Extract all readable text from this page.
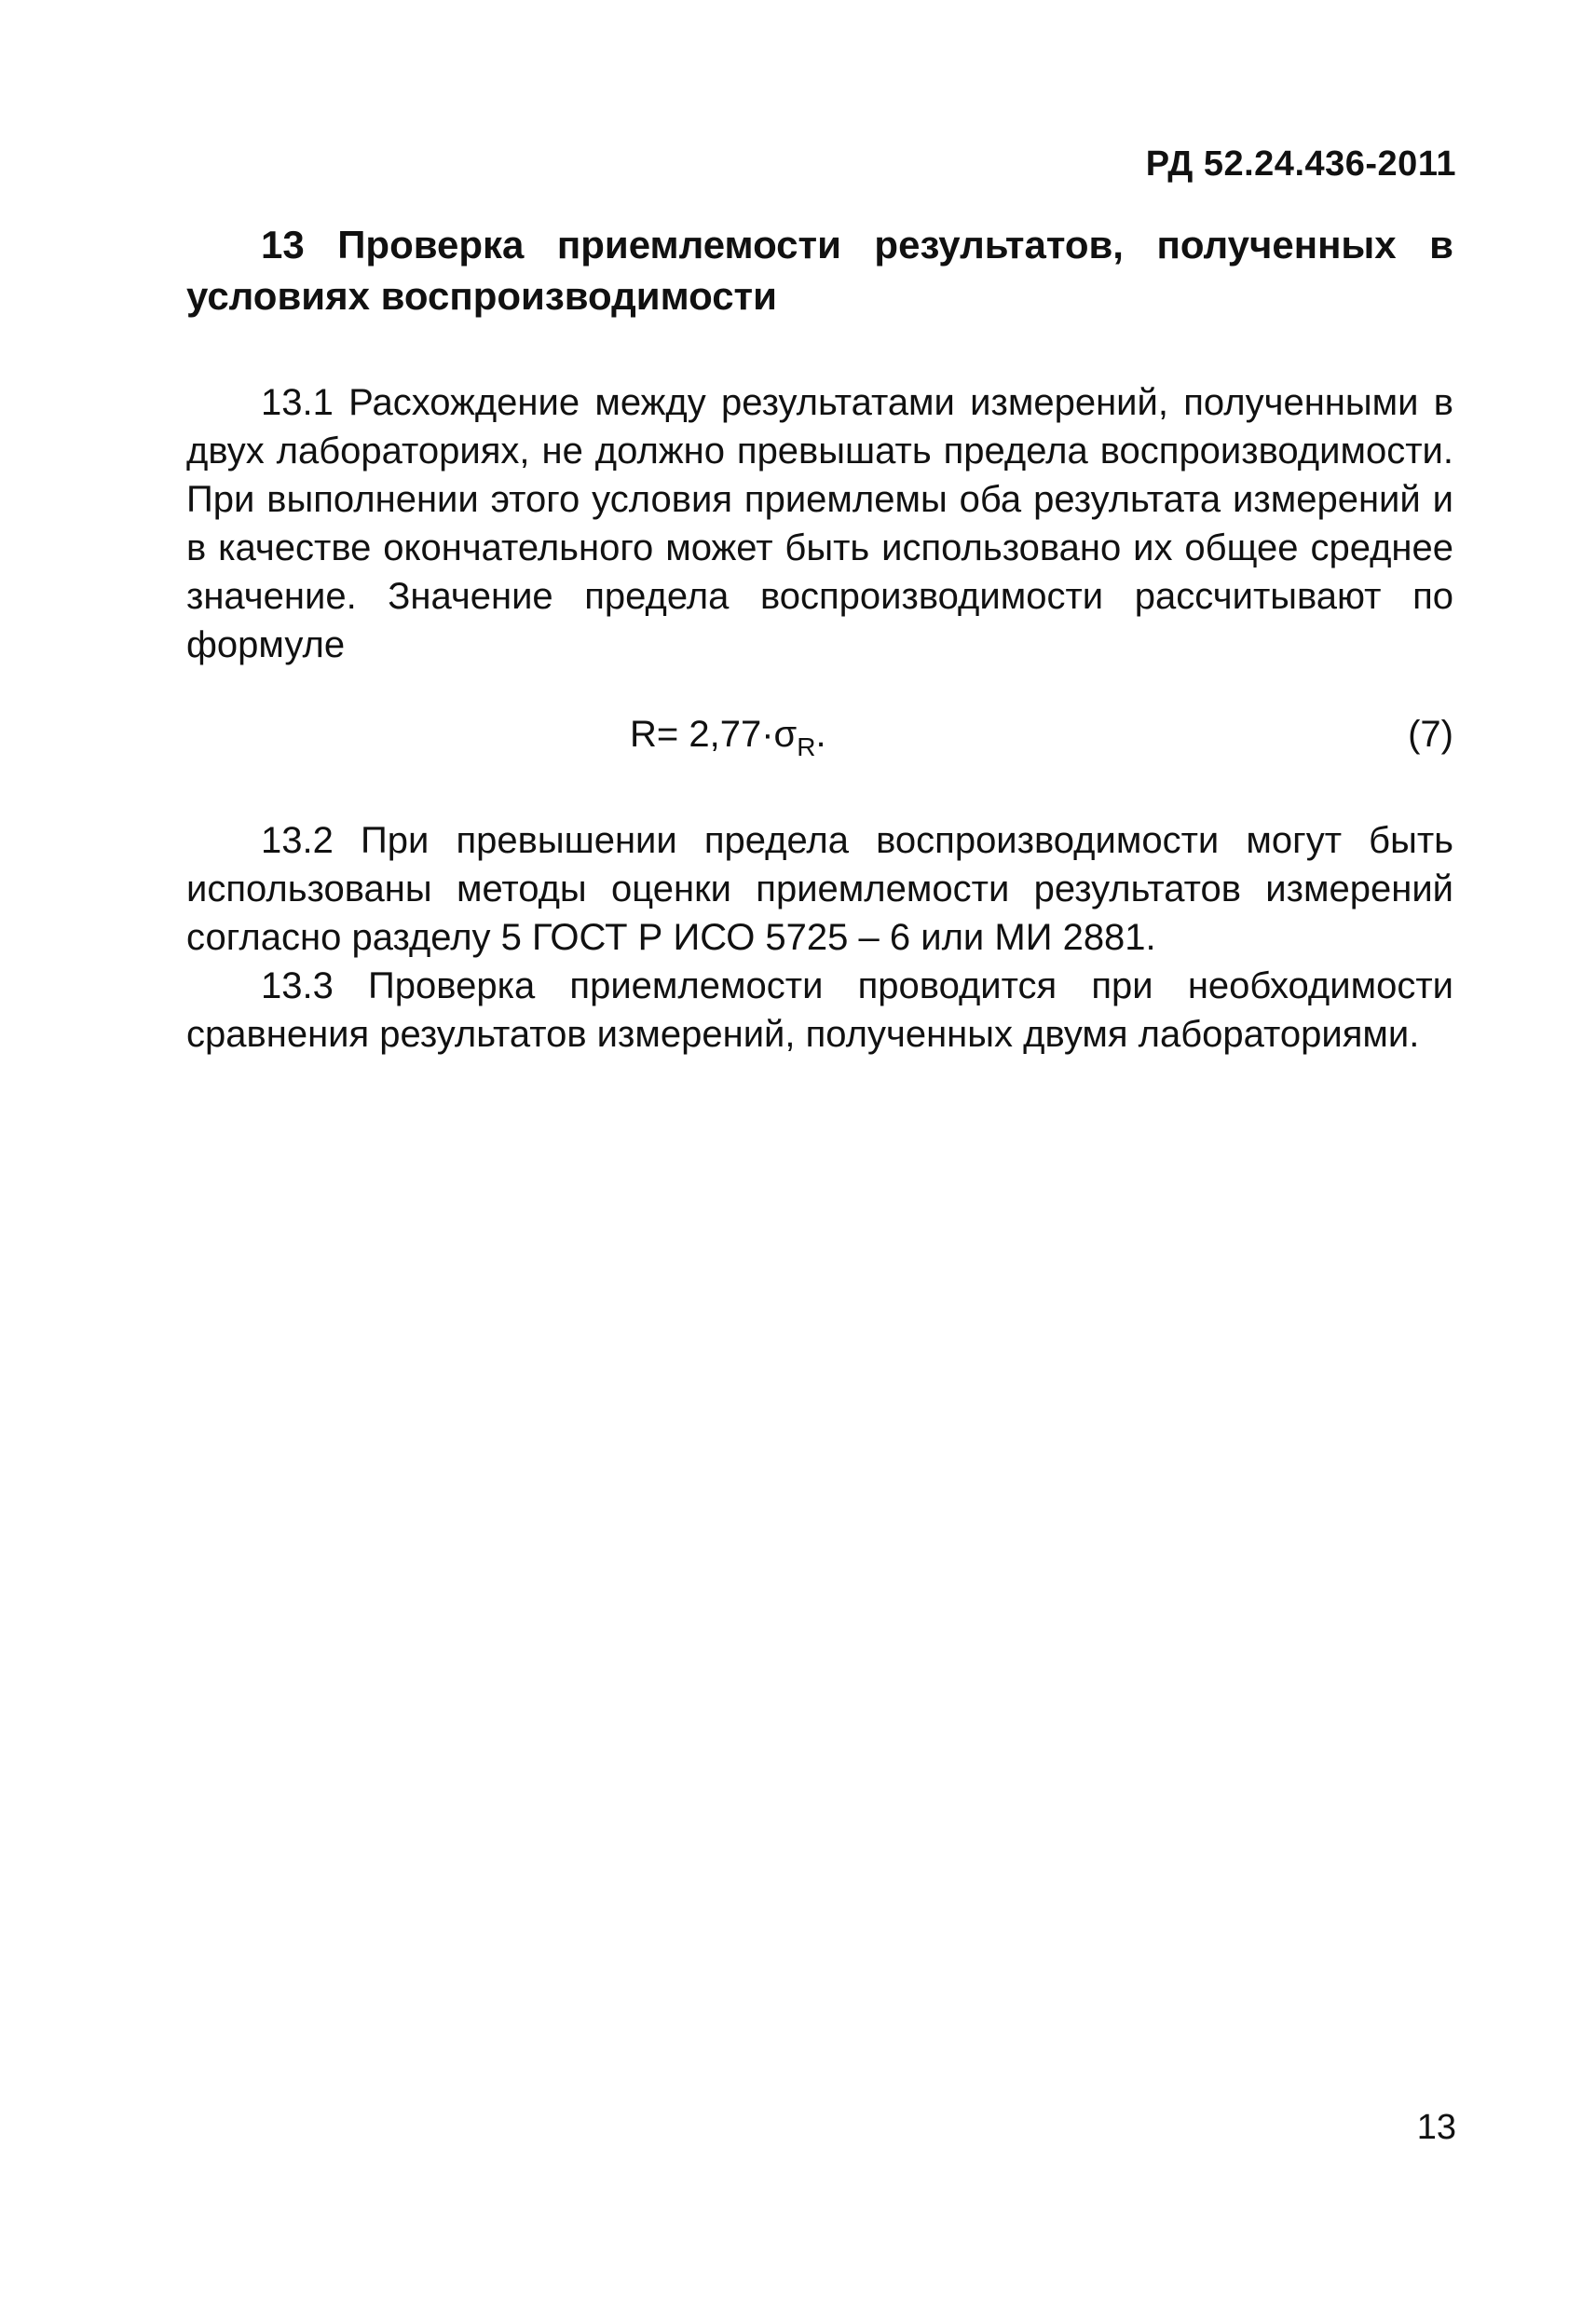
РД 52.24.436-2011
13 Проверка приемлемости результатов, полученных в условиях воспроизводимости

13.1 Расхождение между результатами измерений, полученными в двух лабораториях, не должно превышать предела воспроизводимости. При выполнении этого условия приемлемы оба результата измерений и в качестве окончательного может быть использовано их общее среднее значение. Значение предела воспроизводимости рассчитывают по формуле

$R= 2,77\cdot\sigma_R$.	(7)

13.2 При превышении предела воспроизводимости могут быть использованы методы оценки приемлемости результатов измерений согласно разделу 5 ГОСТ Р ИСО 5725 – 6 или МИ 2881.

13.3 Проверка приемлемости проводится при необходимости сравнения результатов измерений, полученных двумя лабораториями.

13
